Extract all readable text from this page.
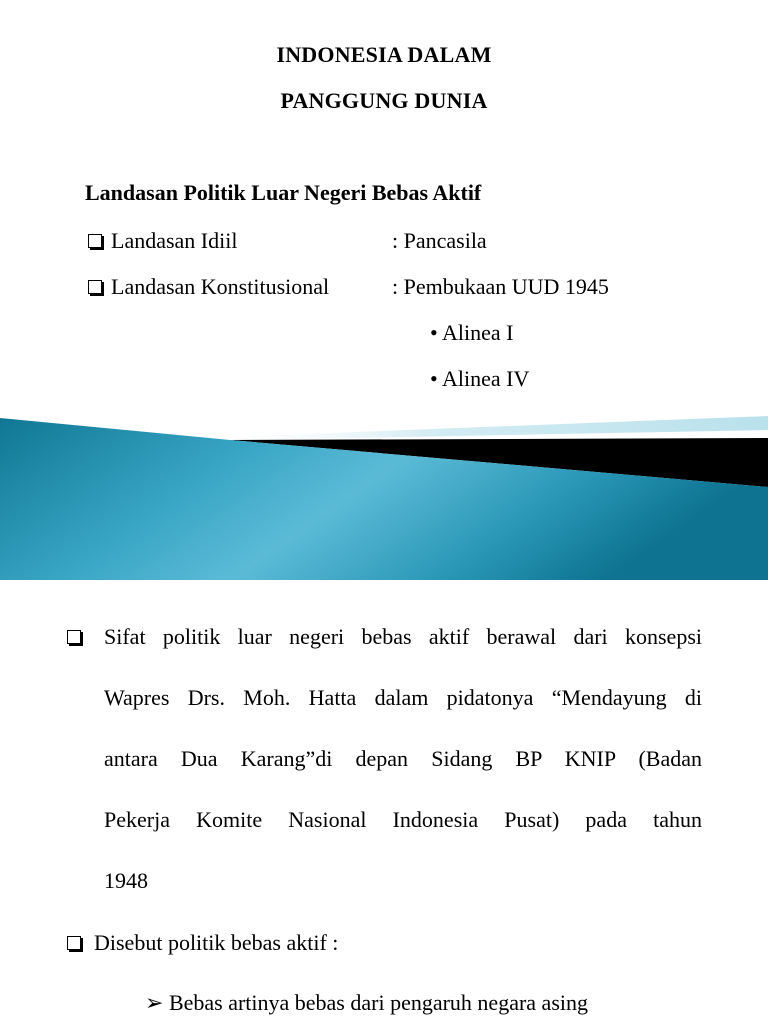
INDONESIA DALAM
PANGGUNG DUNIA
Landasan Politik Luar Negeri Bebas Aktif
Landasan Idiil	: Pancasila
Landasan Konstitusional	: Pembukaan UUD 1945
• Alinea I
• Alinea IV
Sifat politik luar negeri bebas aktif berawal dari konsepsi
Wapres Drs. Moh. Hatta dalam pidatonya “Mendayung di
antara Dua Karang”di depan Sidang BP KNIP (Badan
Pekerja Komite Nasional Indonesia Pusat) pada tahun
1948
Disebut politik bebas aktif :
➢ Bebas artinya bebas dari pengaruh negara asing
